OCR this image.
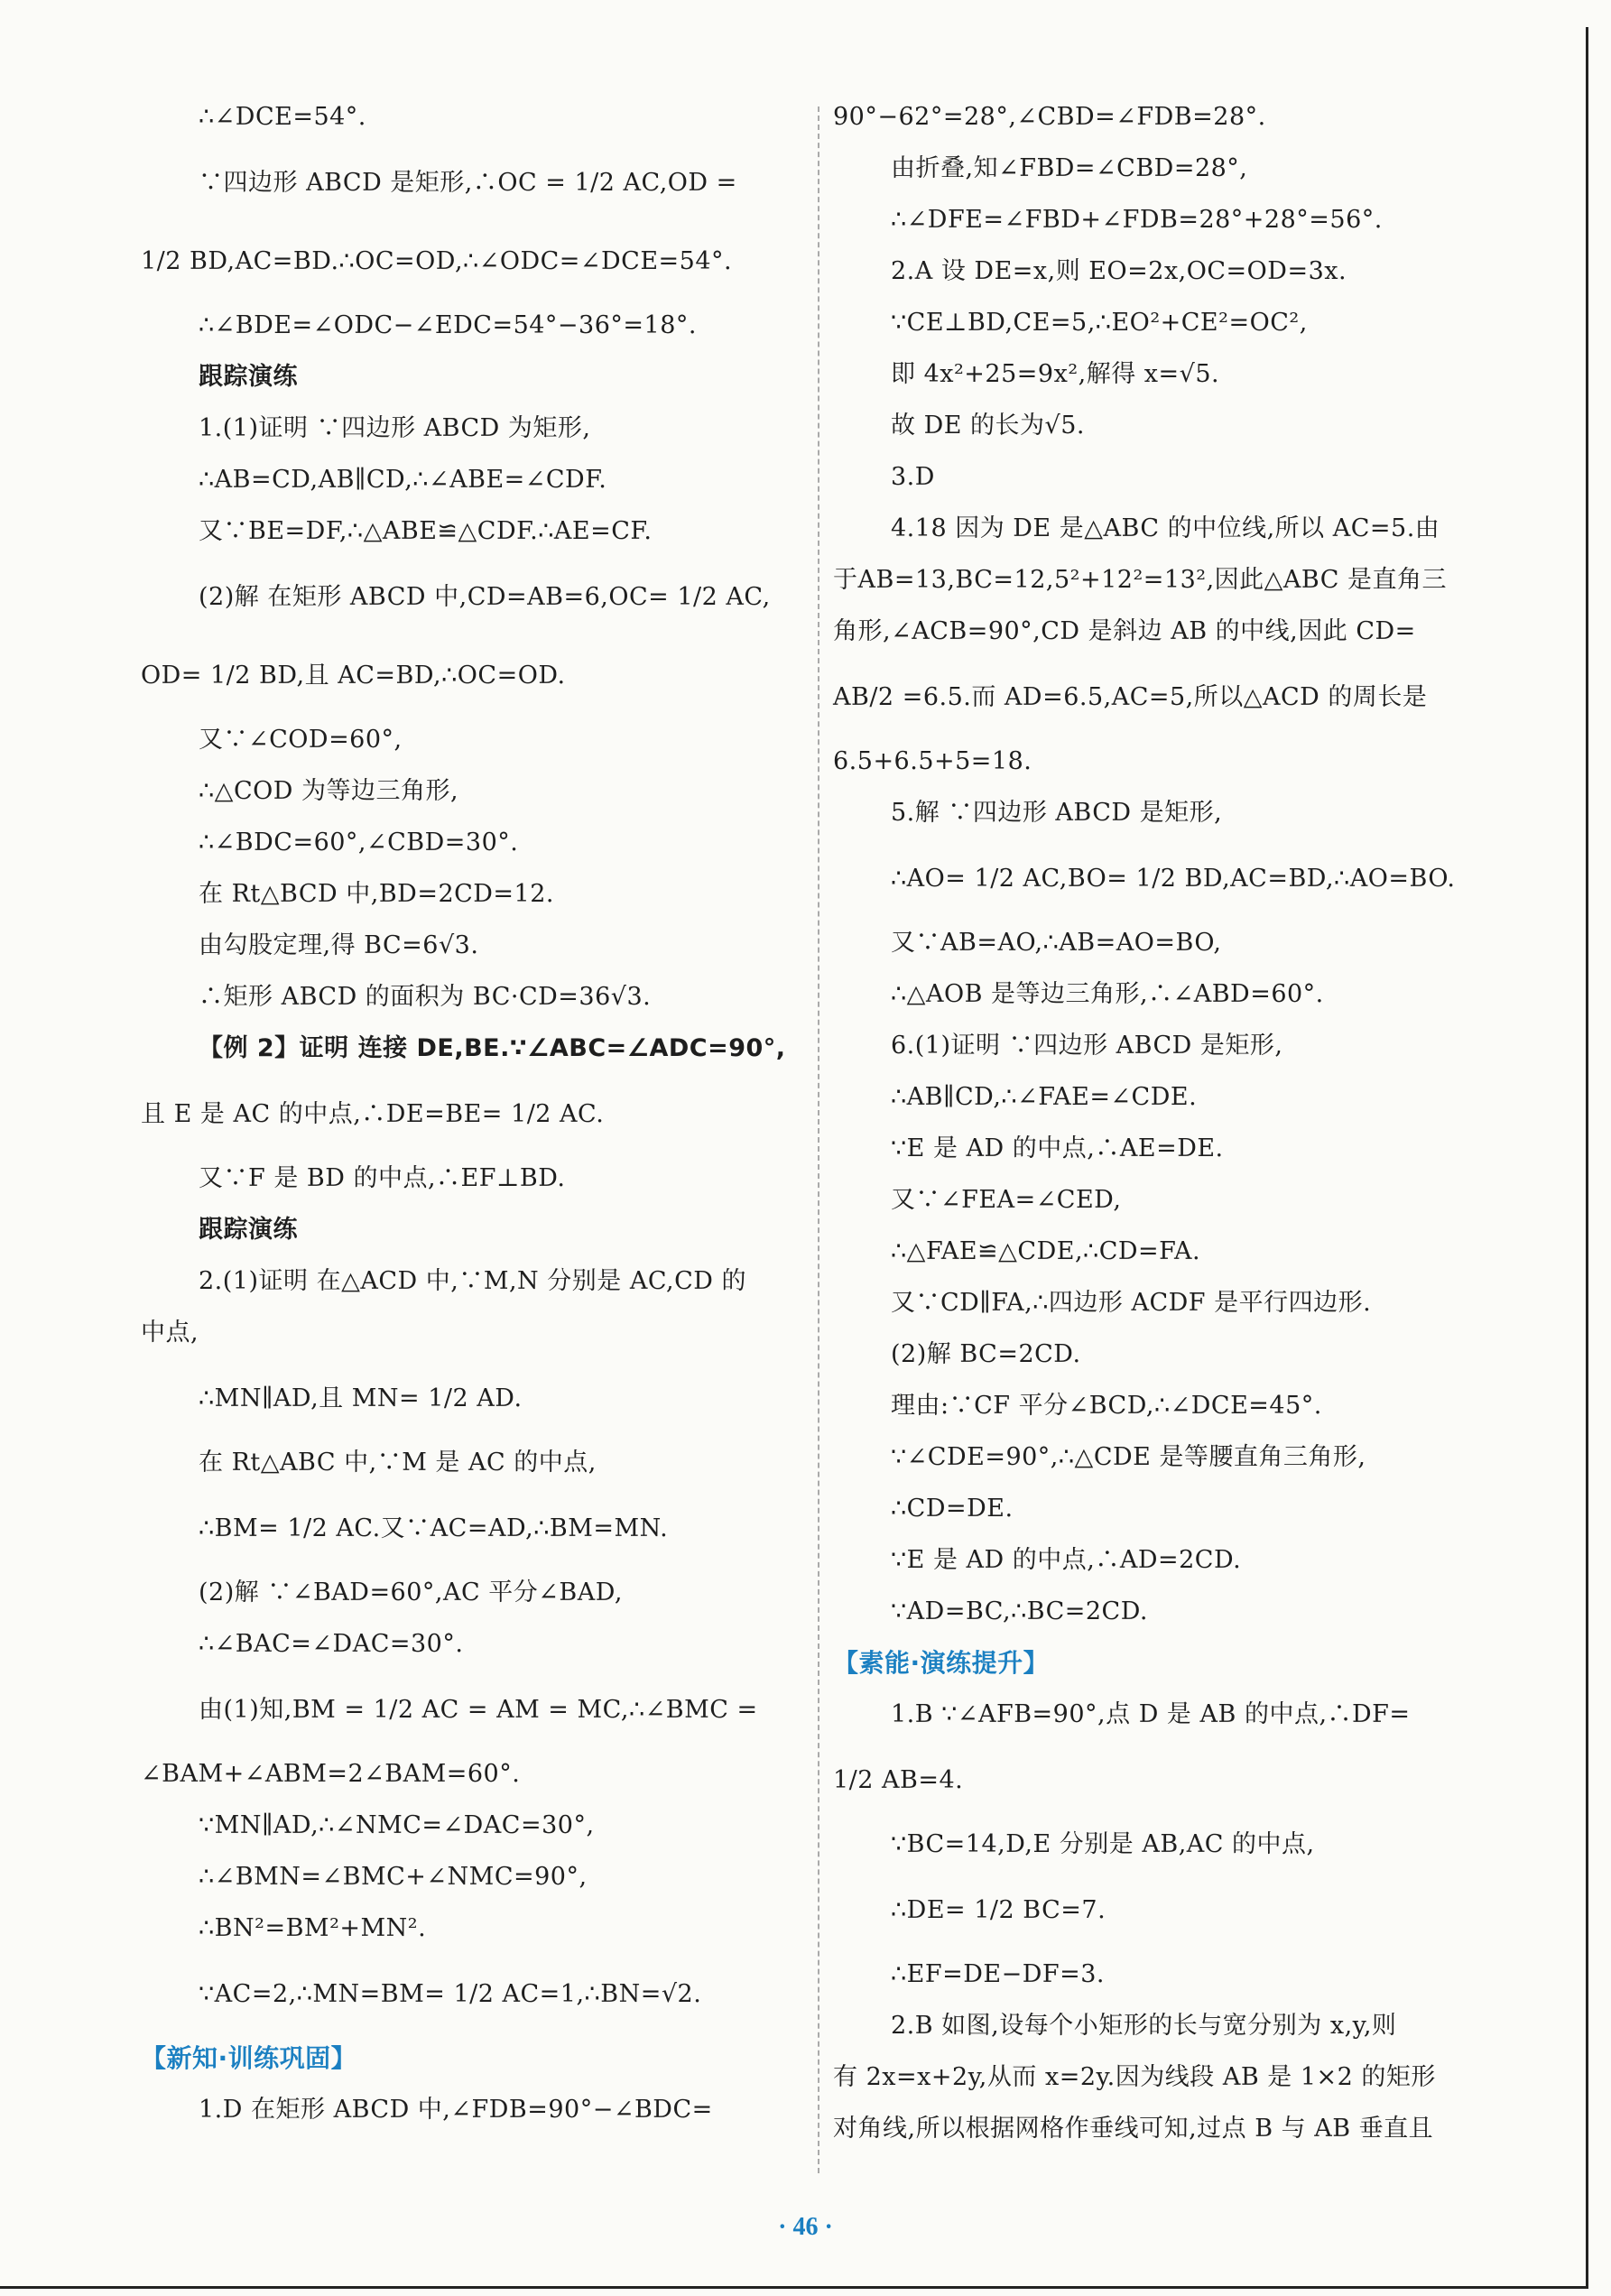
∴∠DCE=54°.
∵四边形 ABCD 是矩形,∴OC = 1/2 AC,OD =
1/2 BD,AC=BD.∴OC=OD,∴∠ODC=∠DCE=54°.
∴∠BDE=∠ODC−∠EDC=54°−36°=18°.
跟踪演练
1.(1)证明 ∵四边形 ABCD 为矩形,
∴AB=CD,AB∥CD,∴∠ABE=∠CDF.
又∵BE=DF,∴△ABE≌△CDF.∴AE=CF.
(2)解 在矩形 ABCD 中,CD=AB=6,OC= 1/2 AC,
OD= 1/2 BD,且 AC=BD,∴OC=OD.
又∵∠COD=60°,
∴△COD 为等边三角形,
∴∠BDC=60°,∠CBD=30°.
在 Rt△BCD 中,BD=2CD=12.
由勾股定理,得 BC=6√3.
∴矩形 ABCD 的面积为 BC·CD=36√3.
【例 2】证明 连接 DE,BE.∵∠ABC=∠ADC=90°,
且 E 是 AC 的中点,∴DE=BE= 1/2 AC.
又∵F 是 BD 的中点,∴EF⊥BD.
跟踪演练
2.(1)证明 在△ACD 中,∵M,N 分别是 AC,CD 的
中点,
∴MN∥AD,且 MN= 1/2 AD.
在 Rt△ABC 中,∵M 是 AC 的中点,
∴BM= 1/2 AC.又∵AC=AD,∴BM=MN.
(2)解 ∵∠BAD=60°,AC 平分∠BAD,
∴∠BAC=∠DAC=30°.
由(1)知,BM = 1/2 AC = AM = MC,∴∠BMC =
∠BAM+∠ABM=2∠BAM=60°.
∵MN∥AD,∴∠NMC=∠DAC=30°,
∴∠BMN=∠BMC+∠NMC=90°,
∴BN²=BM²+MN².
∵AC=2,∴MN=BM= 1/2 AC=1,∴BN=√2.
【新知·训练巩固】
1.D 在矩形 ABCD 中,∠FDB=90°−∠BDC=
90°−62°=28°,∠CBD=∠FDB=28°.
由折叠,知∠FBD=∠CBD=28°,
∴∠DFE=∠FBD+∠FDB=28°+28°=56°.
2.A 设 DE=x,则 EO=2x,OC=OD=3x.
∵CE⊥BD,CE=5,∴EO²+CE²=OC²,
即 4x²+25=9x²,解得 x=√5.
故 DE 的长为√5.
3.D
4.18 因为 DE 是△ABC 的中位线,所以 AC=5.由
于AB=13,BC=12,5²+12²=13²,因此△ABC 是直角三
角形,∠ACB=90°,CD 是斜边 AB 的中线,因此 CD=
AB/2 =6.5.而 AD=6.5,AC=5,所以△ACD 的周长是
6.5+6.5+5=18.
5.解 ∵四边形 ABCD 是矩形,
∴AO= 1/2 AC,BO= 1/2 BD,AC=BD,∴AO=BO.
又∵AB=AO,∴AB=AO=BO,
∴△AOB 是等边三角形,∴∠ABD=60°.
6.(1)证明 ∵四边形 ABCD 是矩形,
∴AB∥CD,∴∠FAE=∠CDE.
∵E 是 AD 的中点,∴AE=DE.
又∵∠FEA=∠CED,
∴△FAE≌△CDE,∴CD=FA.
又∵CD∥FA,∴四边形 ACDF 是平行四边形.
(2)解 BC=2CD.
理由:∵CF 平分∠BCD,∴∠DCE=45°.
∵∠CDE=90°,∴△CDE 是等腰直角三角形,
∴CD=DE.
∵E 是 AD 的中点,∴AD=2CD.
∵AD=BC,∴BC=2CD.
【素能·演练提升】
1.B ∵∠AFB=90°,点 D 是 AB 的中点,∴DF=
1/2 AB=4.
∵BC=14,D,E 分别是 AB,AC 的中点,
∴DE= 1/2 BC=7.
∴EF=DE−DF=3.
2.B 如图,设每个小矩形的长与宽分别为 x,y,则
有 2x=x+2y,从而 x=2y.因为线段 AB 是 1×2 的矩形
对角线,所以根据网格作垂线可知,过点 B 与 AB 垂直且
· 46 ·
